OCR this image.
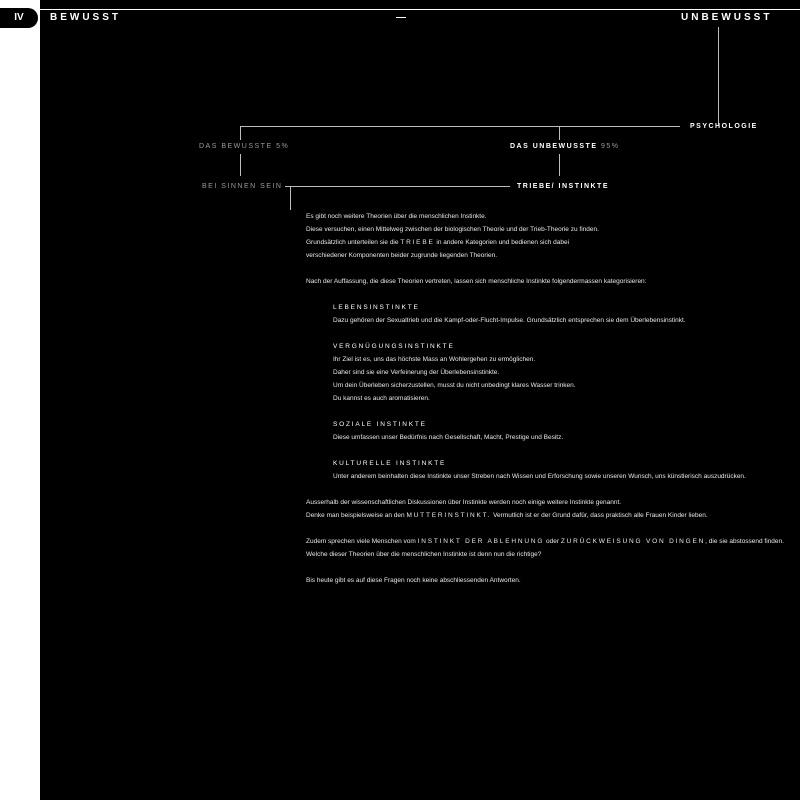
IV	BEWUSST	—	UNBEWUSST
PSYCHOLOGIE
DAS BEWUSSTE 5%	DAS UNBEWUSSTE 95%
BEI SINNEN SEIN	TRIEBE/ INSTINKTE

Es gibt noch weitere Theorien über die menschlichen Instinkte.
Diese versuchen, einen Mittelweg zwischen der biologischen Theorie und der Trieb-Theorie zu finden.
Grundsätzlich unterteilen sie die TRIEBE in andere Kategorien und bedienen sich dabei
verschiedener Komponenten beider zugrunde liegenden Theorien.

Nach der Auffassung, die diese Theorien vertreten, lassen sich menschliche Instinkte folgendermassen kategorisieren:

LEBENSINSTINKTE
Dazu gehören der Sexualtrieb und die Kampf-oder-Flucht-Impulse. Grundsätzlich entsprechen sie dem Überlebensinstinkt.
VERGNÜGUNGSINSTINKTE
Ihr Ziel ist es, uns das höchste Mass an Wohlergehen zu ermöglichen.
Daher sind sie eine Verfeinerung der Überlebensinstinkte.
Um dein Überleben sicherzustellen, musst du nicht unbedingt klares Wasser trinken.
Du kannst es auch aromatisieren.
SOZIALE INSTINKTE
Diese umfassen unser Bedürfnis nach Gesellschaft, Macht, Prestige und Besitz.
KULTURELLE INSTINKTE
Unter anderem beinhalten diese Instinkte unser Streben nach Wissen und Erforschung sowie unseren Wunsch, uns künstlerisch auszudrücken.

Ausserhalb der wissenschaftlichen Diskussionen über Instinkte werden noch einige weitere Instinkte genannt.
Denke man beispielsweise an den MUTTERINSTINKT. Vermutlich ist er der Grund dafür, dass praktisch alle Frauen Kinder lieben.

Zudem sprechen viele Menschen vom INSTINKT DER ABLEHNUNG oder ZURÜCKWEISUNG VON DINGEN, die sie abstossend finden.
Welche dieser Theorien über die menschlichen Instinkte ist denn nun die richtige?

Bis heute gibt es auf diese Fragen noch keine abschliessenden Antworten.
